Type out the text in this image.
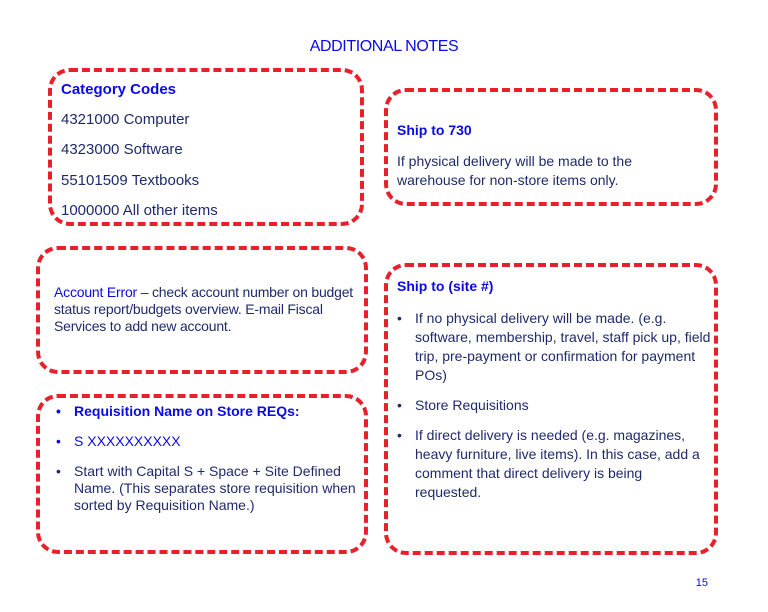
ADDITIONAL NOTES
Category Codes
4321000 Computer
4323000 Software
55101509 Textbooks
1000000 All other items
Ship to 730
If physical delivery will be made to the warehouse for non-store items only.
Account Error – check account number on budget status report/budgets overview. E-mail Fiscal Services to add new account.
• Requisition Name on Store REQs:
• S XXXXXXXXXX
• Start with Capital S + Space + Site Defined Name. (This separates store requisition when sorted by Requisition Name.)
Ship to (site #)
• If no physical delivery will be made. (e.g. software, membership, travel, staff pick up, field trip, pre-payment or confirmation for payment POs)
• Store Requisitions
• If direct delivery is needed (e.g. magazines, heavy furniture, live items). In this case, add a comment that direct delivery is being requested.
15
